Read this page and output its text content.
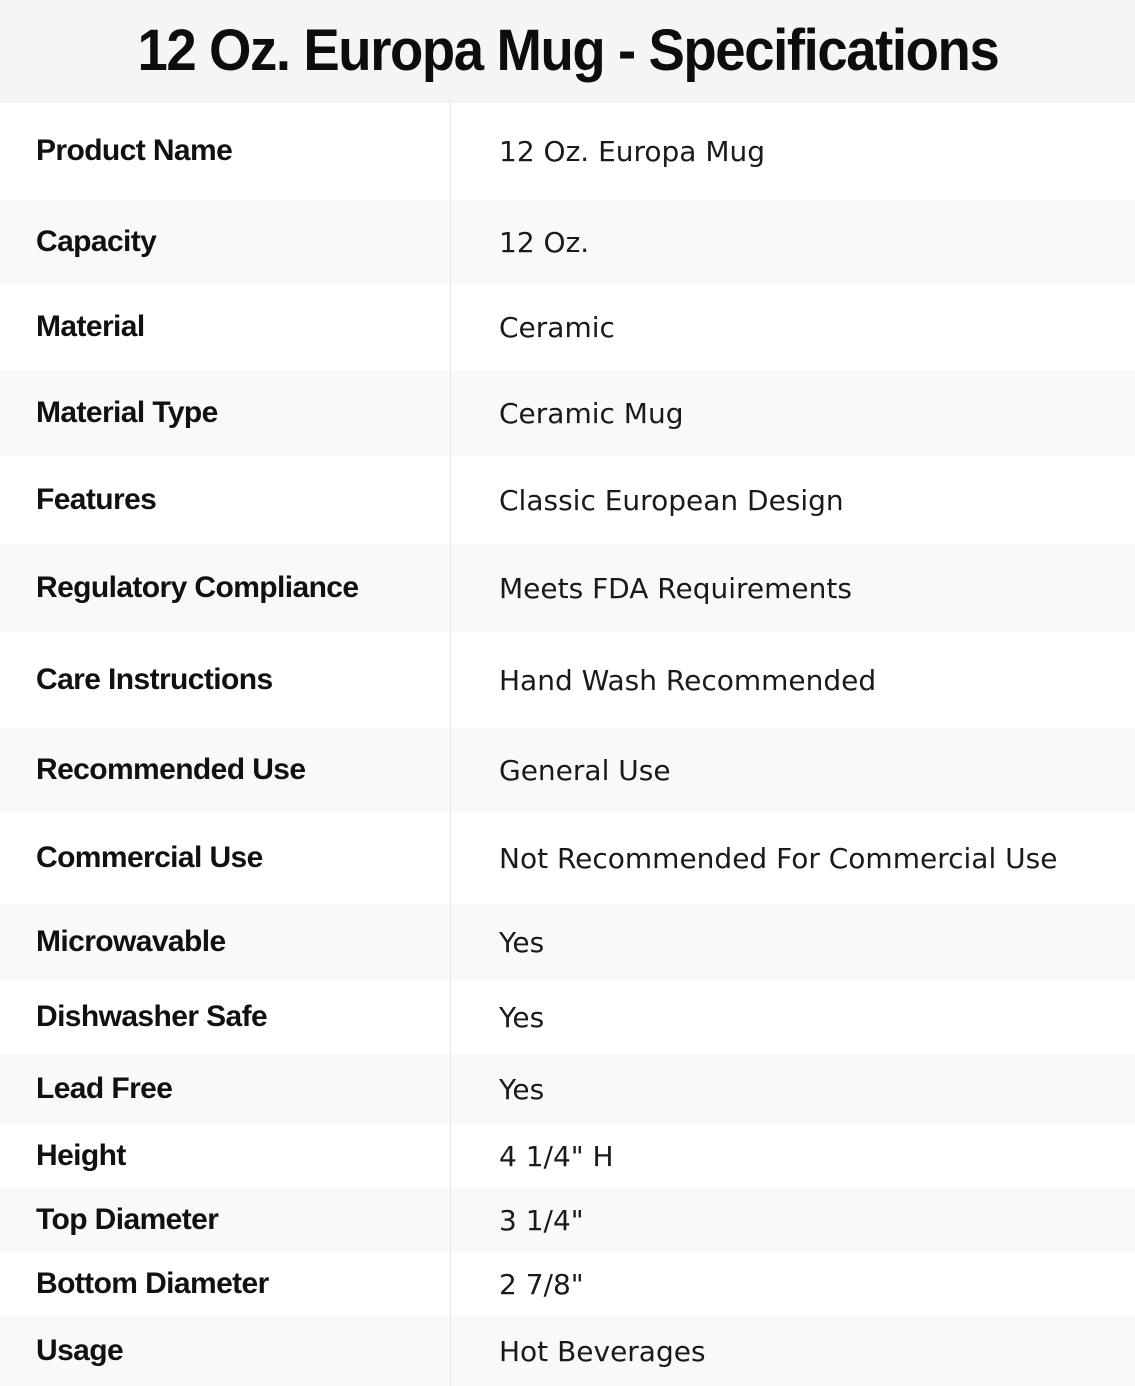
12 Oz. Europa Mug - Specifications
Product Name	12 Oz. Europa Mug

Capacity	12 Oz.

Material	Ceramic

Material Type	Ceramic Mug

Features	Classic European Design

Regulatory Compliance	Meets FDA Requirements

Care Instructions	Hand Wash Recommended

Recommended Use	General Use

Commercial Use	Not Recommended For Commercial Use

Microwavable	Yes

Dishwasher Safe	Yes

Lead Free	Yes

Height	4 1/4" H

Top Diameter	3 1/4"

Bottom Diameter	2 7/8"

Usage	Hot Beverages
